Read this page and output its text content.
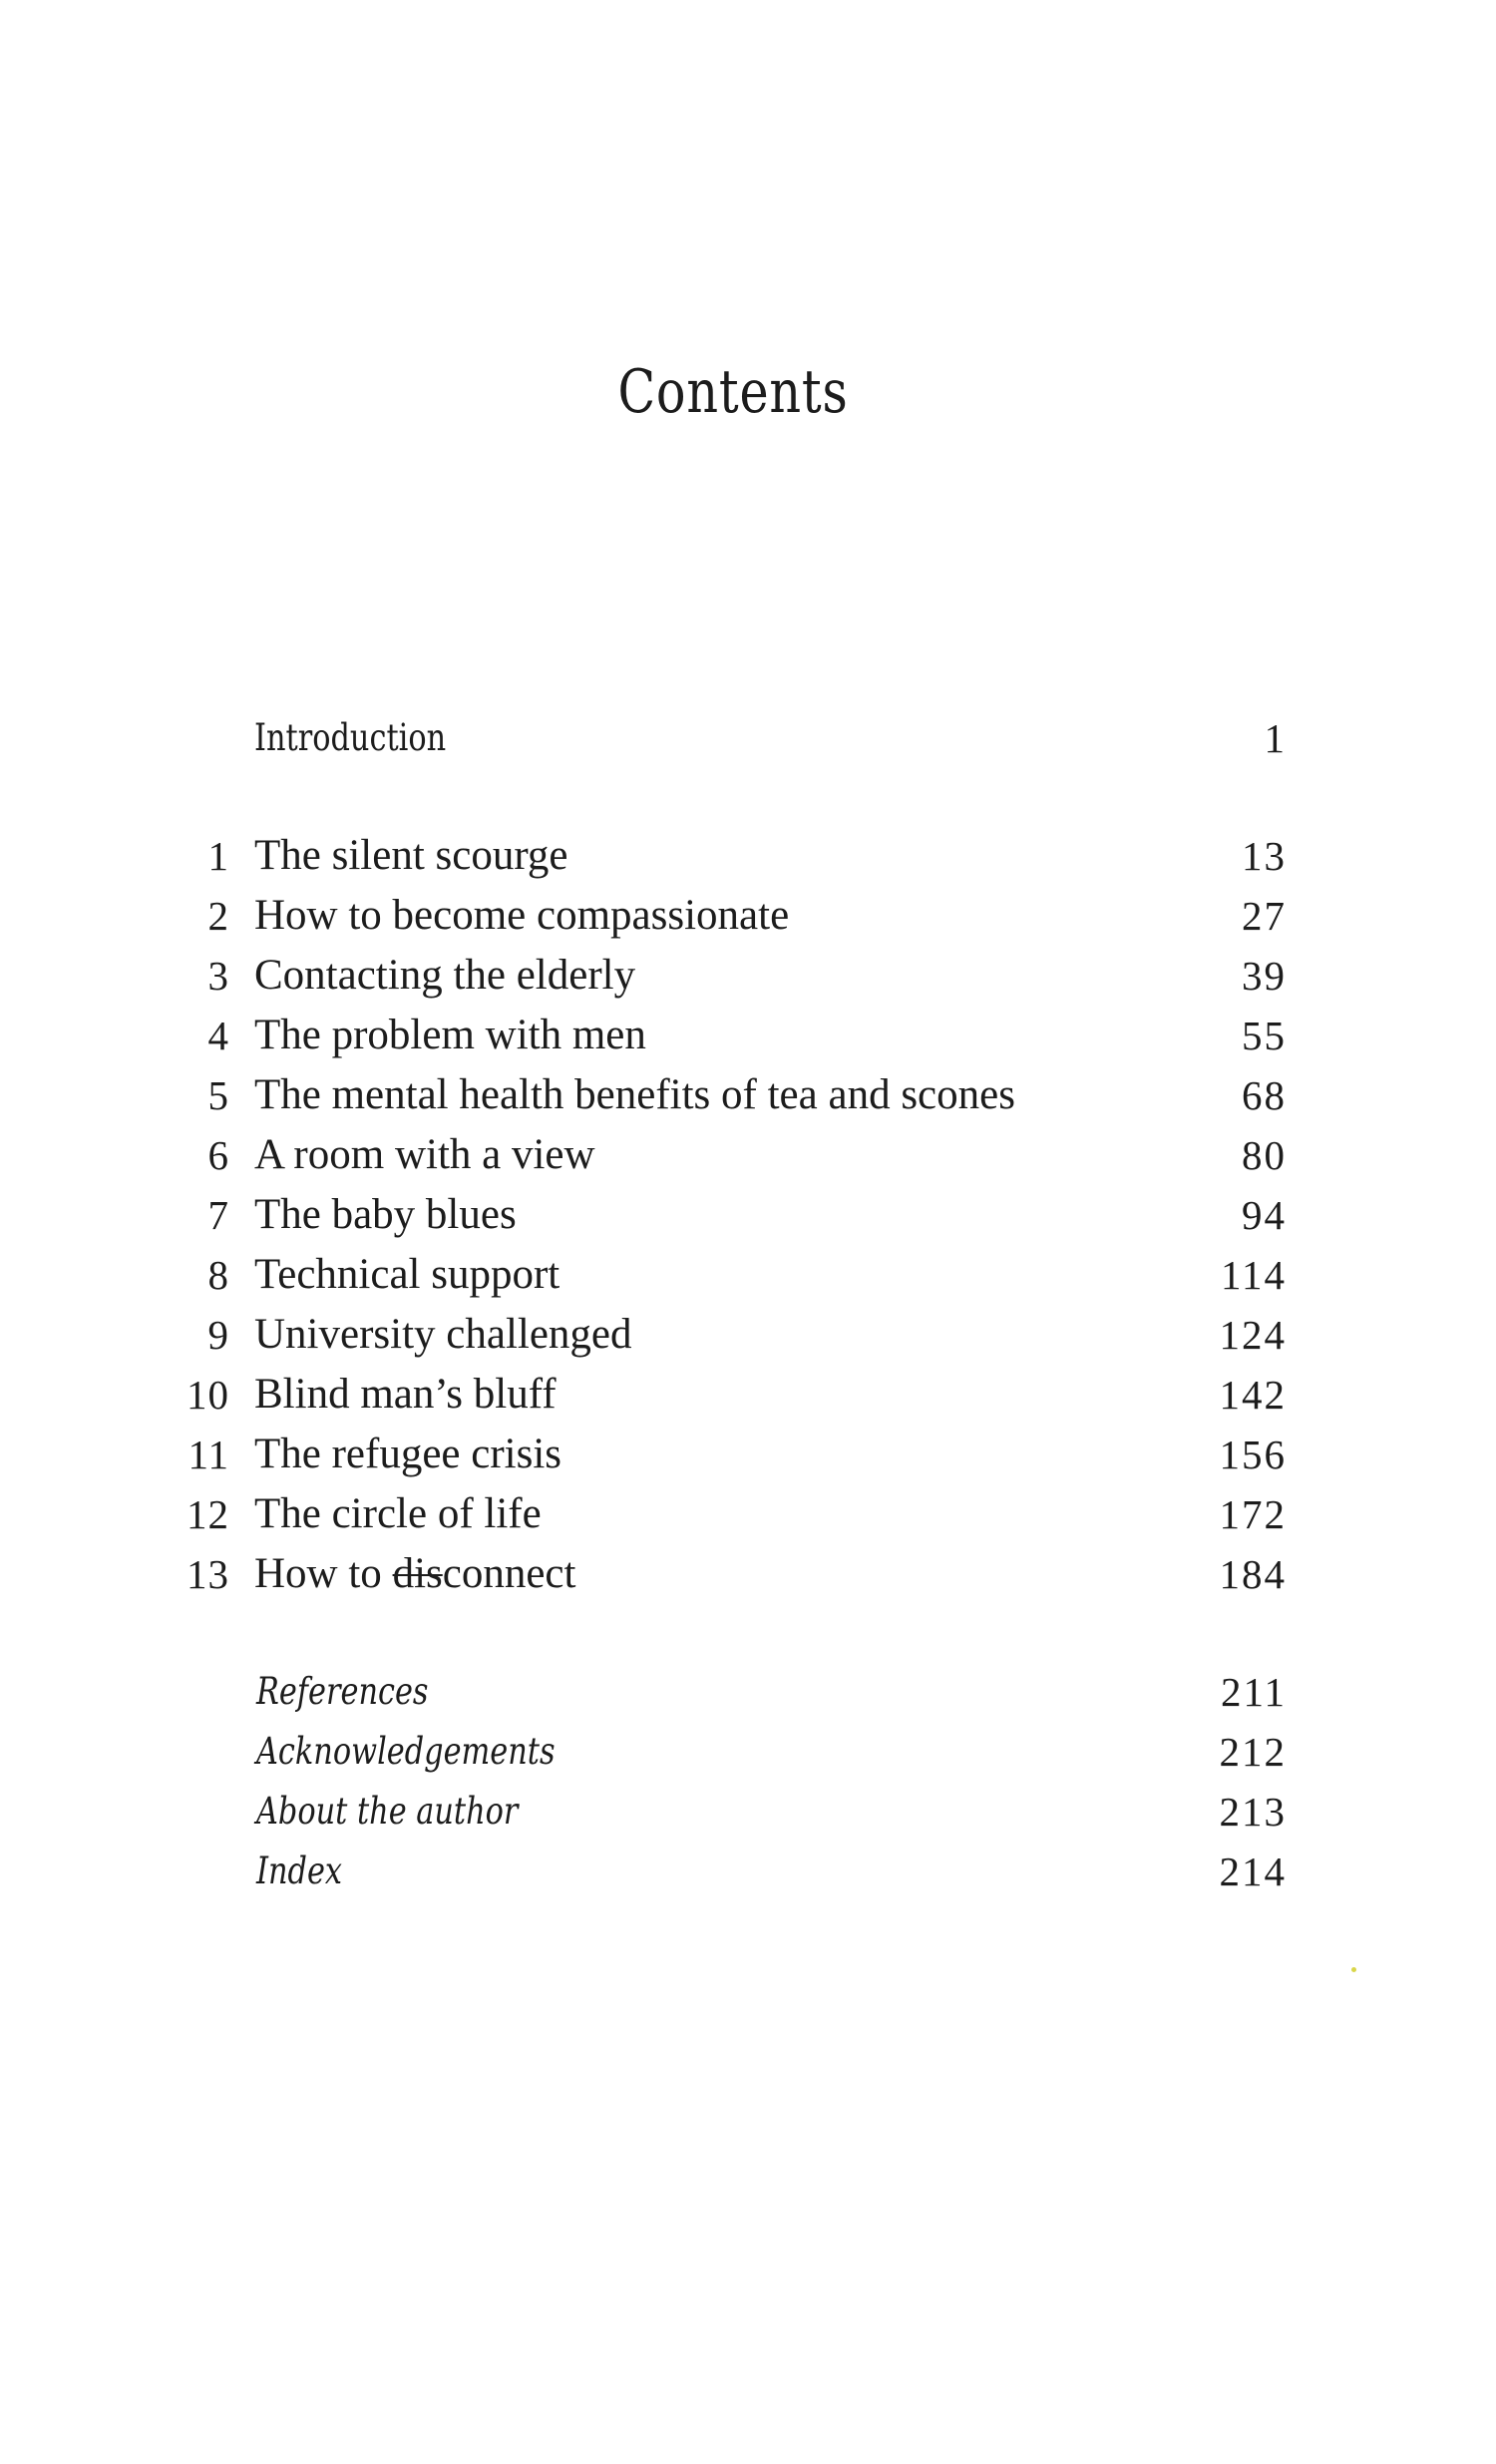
Contents
Introduction	1
1 The silent scourge	13
2 How to become compassionate	27
3 Contacting the elderly	39
4 The problem with men	55
5 The mental health benefits of tea and scones	68
6 A room with a view	80
7 The baby blues	94
8 Technical support	114
9 University challenged	124
10 Blind man’s bluff	142
11 The refugee crisis	156
12 The circle of life	172
13 How to disconnect	184
References	211
Acknowledgements	212
About the author	213
Index	214
